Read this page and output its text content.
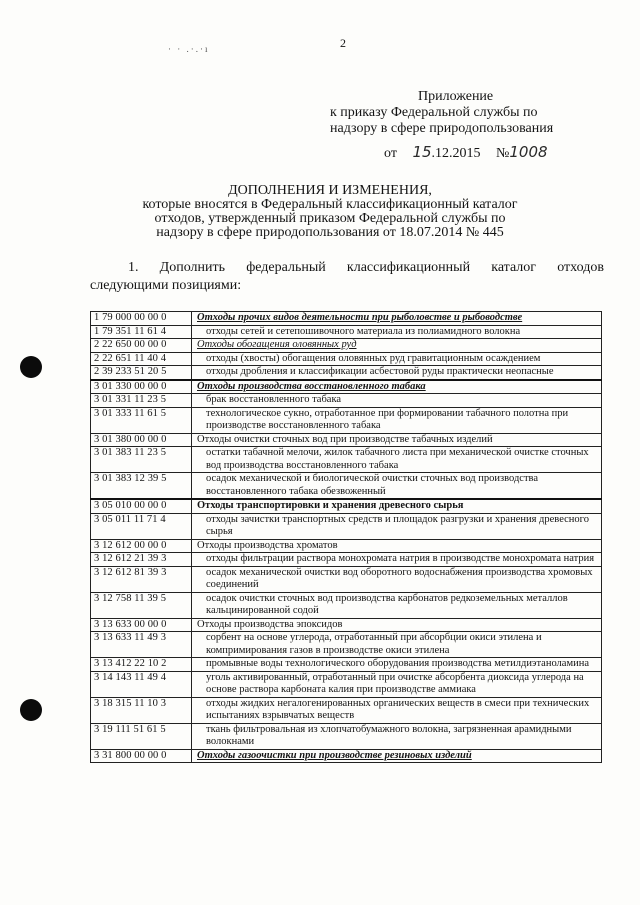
2
· · .·.·ı
Приложение
к приказу Федеральной службы по
надзору в сфере природопользования
от 15.12.2015 №1008
ДОПОЛНЕНИЯ И ИЗМЕНЕНИЯ,
которые вносятся в Федеральный классификационный каталог
отходов, утвержденный приказом Федеральной службы по
надзору в сфере природопользования от 18.07.2014 № 445
1. Дополнить федеральный классификационный каталог отходов
следующими позициями:
1 79 000 00 00 0	Отходы прочих видов деятельности при рыболовстве и рыбоводстве
1 79 351 11 61 4	отходы сетей и сетепошивочного материала из полиамидного волокна
2 22 650 00 00 0	Отходы обогащения оловянных руд
2 22 651 11 40 4	отходы (хвосты) обогащения оловянных руд гравитационным осаждением
2 39 233 51 20 5	отходы дробления и классификации асбестовой руды практически неопасные
3 01 330 00 00 0	Отходы производства восстановленного табака
3 01 331 11 23 5	брак восстановленного табака
3 01 333 11 61 5	технологическое сукно, отработанное при формировании табачного полотна при производстве восстановленного табака
3 01 380 00 00 0	Отходы очистки сточных вод при производстве табачных изделий
3 01 383 11 23 5	остатки табачной мелочи, жилок табачного листа при механической очистке сточных вод производства восстановленного табака
3 01 383 12 39 5	осадок механической и биологической очистки сточных вод производства восстановленного табака обезвоженный
3 05 010 00 00 0	Отходы транспортировки и хранения древесного сырья
3 05 011 11 71 4	отходы зачистки транспортных средств и площадок разгрузки и хранения древесного сырья
3 12 612 00 00 0	Отходы производства хроматов
3 12 612 21 39 3	отходы фильтрации раствора монохромата натрия в производстве монохромата натрия
3 12 612 81 39 3	осадок механической очистки вод оборотного водоснабжения производства хромовых соединений
3 12 758 11 39 5	осадок очистки сточных вод производства карбонатов редкоземельных металлов кальцинированной содой
3 13 633 00 00 0	Отходы производства эпоксидов
3 13 633 11 49 3	сорбент на основе углерода, отработанный при абсорбции окиси этилена и компримирования газов в производстве окиси этилена
3 13 412 22 10 2	промывные воды технологического оборудования производства метилдиэтаноламина
3 14 143 11 49 4	уголь активированный, отработанный при очистке абсорбента диоксида углерода на основе раствора карбоната калия при производстве аммиака
3 18 315 11 10 3	отходы жидких негалогенированных органических веществ в смеси при технических испытаниях взрывчатых веществ
3 19 111 51 61 5	ткань фильтровальная из хлопчатобумажного волокна, загрязненная арамидными волокнами
3 31 800 00 00 0	Отходы газоочистки при производстве резиновых изделий
